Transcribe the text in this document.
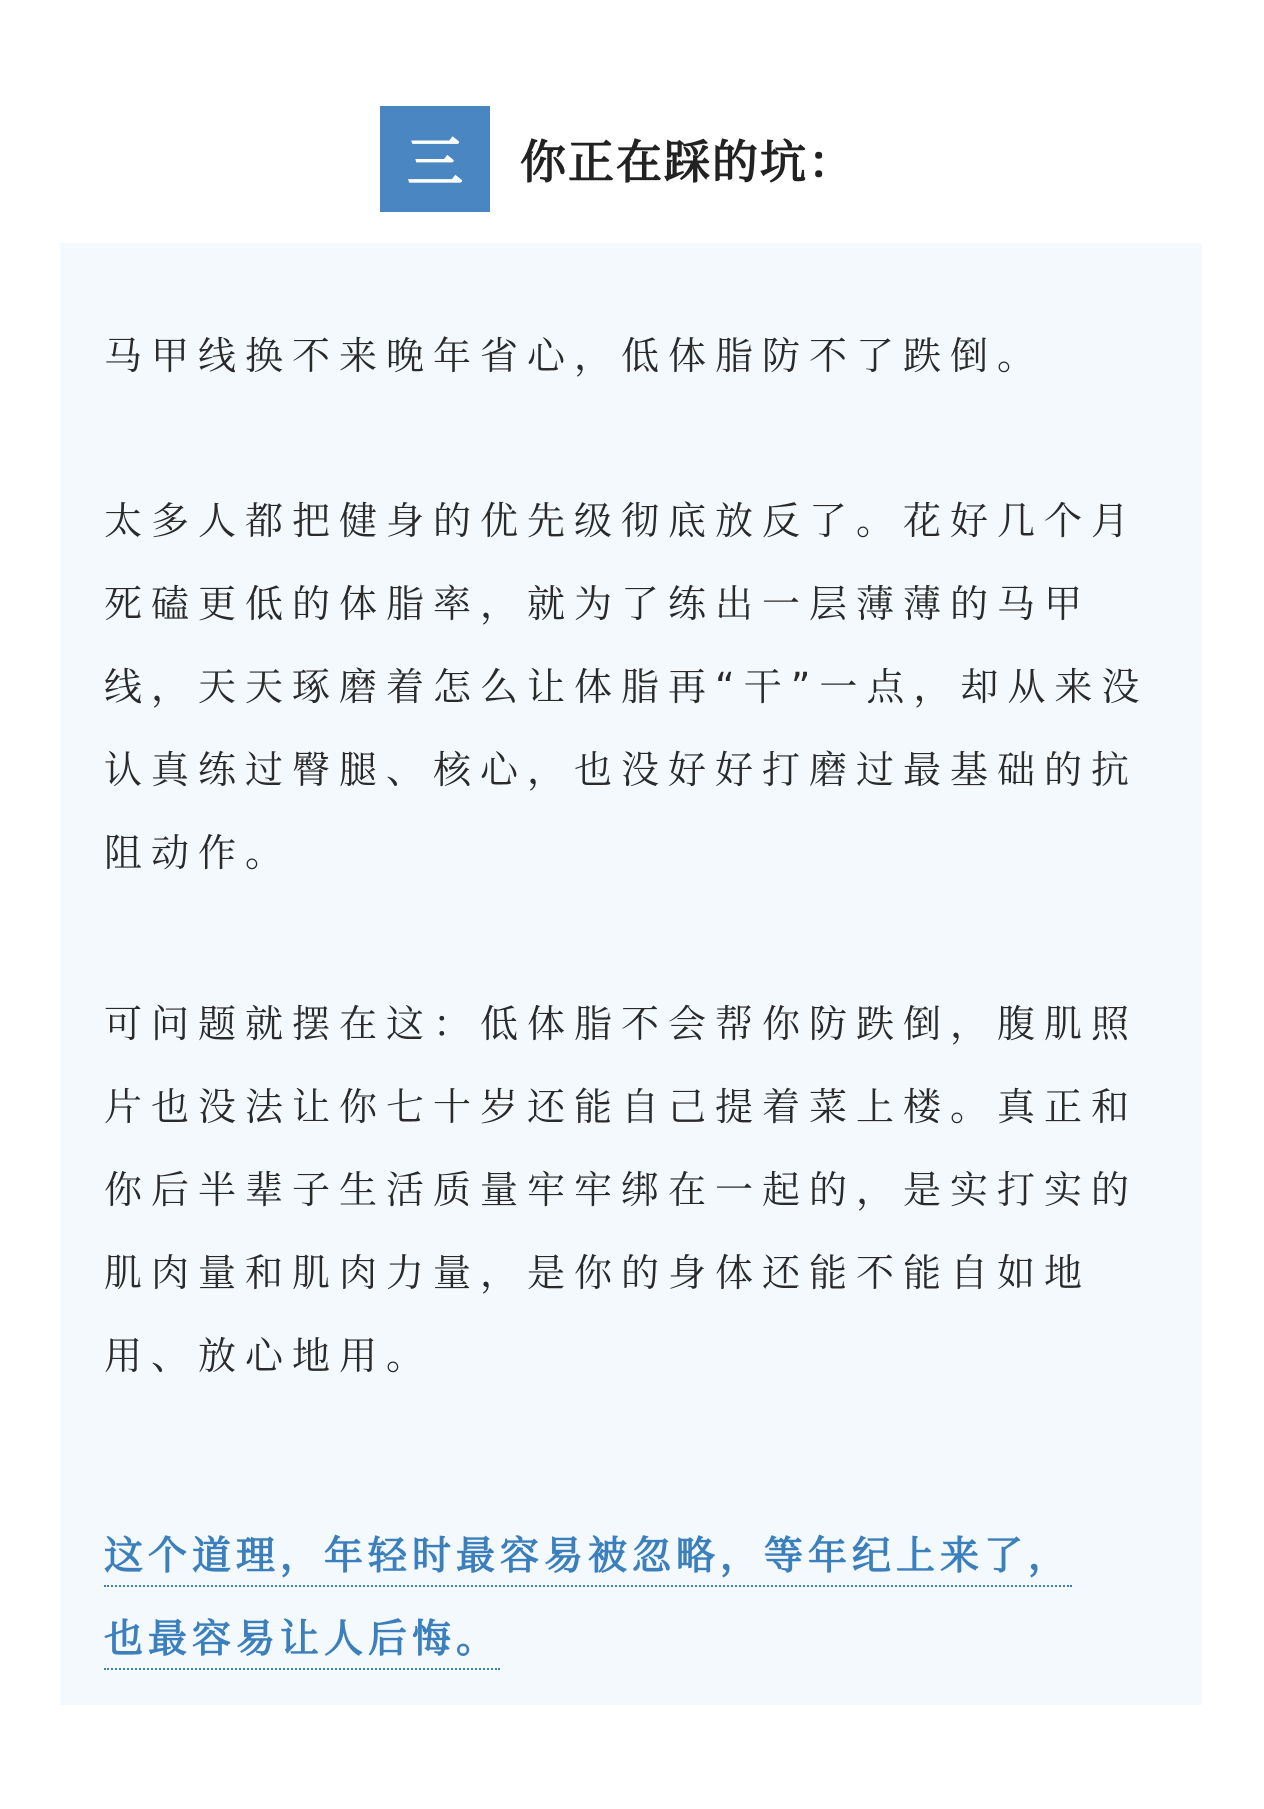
三	你正在踩的坑：
马甲线换不来晚年省心，低体脂防不了跌倒。
太多人都把健身的优先级彻底放反了。花好几个月死磕更低的体脂率，就为了练出一层薄薄的马甲线，天天琢磨着怎么让体脂再“干”一点，却从来没认真练过臀腿、核心，也没好好打磨过最基础的抗阻动作。
可问题就摆在这：低体脂不会帮你防跌倒，腹肌照片也没法让你七十岁还能自己提着菜上楼。真正和你后半辈子生活质量牢牢绑在一起的，是实打实的肌肉量和肌肉力量，是你的身体还能不能自如地用、放心地用。
这个道理，年轻时最容易被忽略，等年纪上来了，
也最容易让人后悔。
